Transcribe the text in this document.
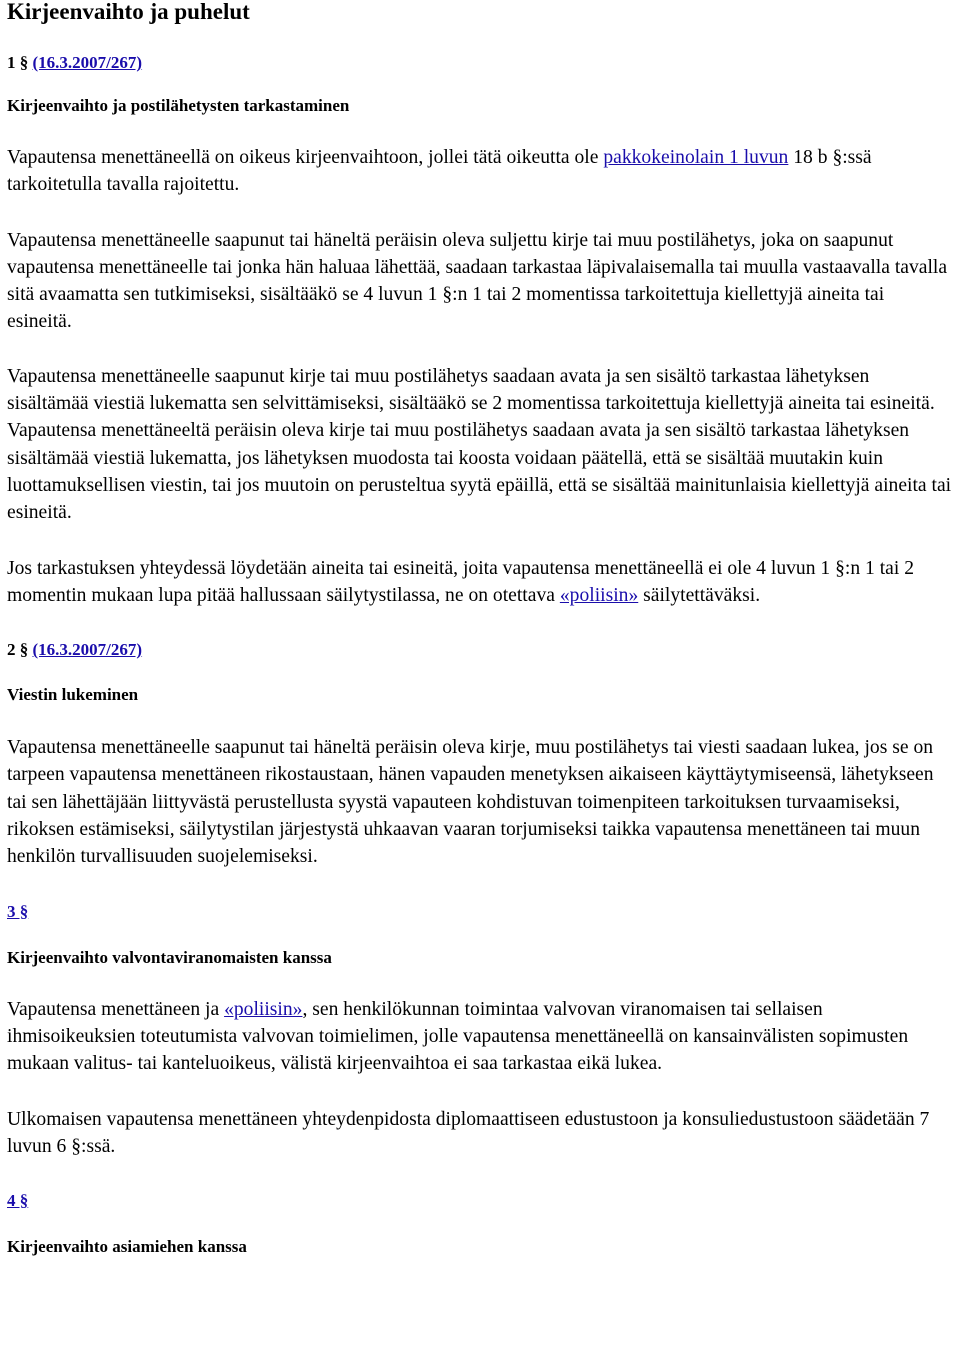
Kirjeenvaihto ja puhelut
1 § (16.3.2007/267)
Kirjeenvaihto ja postilähetysten tarkastaminen

Vapautensa menettäneellä on oikeus kirjeenvaihtoon, jollei tätä oikeutta ole pakkokeinolain 1 luvun 18 b §:ssä tarkoitetulla tavalla rajoitettu.

Vapautensa menettäneelle saapunut tai häneltä peräisin oleva suljettu kirje tai muu postilähetys, joka on saapunut vapautensa menettäneelle tai jonka hän haluaa lähettää, saadaan tarkastaa läpivalaisemalla tai muulla vastaavalla tavalla sitä avaamatta sen tutkimiseksi, sisältääkö se 4 luvun 1 §:n 1 tai 2 momentissa tarkoitettuja kiellettyjä aineita tai esineitä.

Vapautensa menettäneelle saapunut kirje tai muu postilähetys saadaan avata ja sen sisältö tarkastaa lähetyksen sisältämää viestiä lukematta sen selvittämiseksi, sisältääkö se 2 momentissa tarkoitettuja kiellettyjä aineita tai esineitä. Vapautensa menettäneeltä peräisin oleva kirje tai muu postilähetys saadaan avata ja sen sisältö tarkastaa lähetyksen sisältämää viestiä lukematta, jos lähetyksen muodosta tai koosta voidaan päätellä, että se sisältää muutakin kuin luottamuksellisen viestin, tai jos muutoin on perusteltua syytä epäillä, että se sisältää mainitunlaisia kiellettyjä aineita tai esineitä.

Jos tarkastuksen yhteydessä löydetään aineita tai esineitä, joita vapautensa menettäneellä ei ole 4 luvun 1 §:n 1 tai 2 momentin mukaan lupa pitää hallussaan säilytystilassa, ne on otettava «poliisin» säilytettäväksi.

2 § (16.3.2007/267)
Viestin lukeminen

Vapautensa menettäneelle saapunut tai häneltä peräisin oleva kirje, muu postilähetys tai viesti saadaan lukea, jos se on tarpeen vapautensa menettäneen rikostaustaan, hänen vapauden menetyksen aikaiseen käyttäytymiseensä, lähetykseen tai sen lähettäjään liittyvästä perustellusta syystä vapauteen kohdistuvan toimenpiteen tarkoituksen turvaamiseksi, rikoksen estämiseksi, säilytystilan järjestystä uhkaavan vaaran torjumiseksi taikka vapautensa menettäneen tai muun henkilön turvallisuuden suojelemiseksi.

3 §
Kirjeenvaihto valvontaviranomaisten kanssa

Vapautensa menettäneen ja «poliisin», sen henkilökunnan toimintaa valvovan viranomaisen tai sellaisen ihmisoikeuksien toteutumista valvovan toimielimen, jolle vapautensa menettäneellä on kansainvälisten sopimusten mukaan valitus- tai kanteluoikeus, välistä kirjeenvaihtoa ei saa tarkastaa eikä lukea.

Ulkomaisen vapautensa menettäneen yhteydenpidosta diplomaattiseen edustustoon ja konsuliedustustoon säädetään 7 luvun 6 §:ssä.

4 §
Kirjeenvaihto asiamiehen kanssa
